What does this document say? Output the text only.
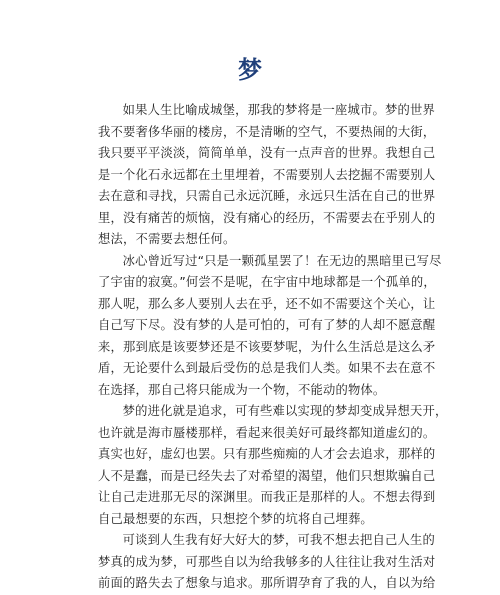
梦

如果人生比喻成城堡，那我的梦将是一座城市。梦的世界
我不要奢侈华丽的楼房，不是清晰的空气，不要热闹的大街，
我只要平平淡淡，简简单单，没有一点声音的世界。我想自己
是一个化石永远都在土里埋着，不需要别人去挖掘不需要别人
去在意和寻找，只需自己永远沉睡，永远只生活在自己的世界
里，没有痛苦的烦恼，没有痛心的经历，不需要去在乎别人的
想法，不需要去想任何。

冰心曾近写过“只是一颗孤星罢了！在无边的黑暗里已写尽
了宇宙的寂寞。”何尝不是呢，在宇宙中地球都是一个孤单的，
那人呢，那么多人要别人去在乎，还不如不需要这个关心，让
自己写下尽。没有梦的人是可怕的，可有了梦的人却不愿意醒
来，那到底是该要梦还是不该要梦呢，为什么生活总是这么矛
盾，无论要什么到最后受伤的总是我们人类。如果不去在意不
在选择，那自己将只能成为一个物，不能动的物体。

梦的进化就是追求，可有些难以实现的梦却变成异想天开，
也许就是海市蜃楼那样，看起来很美好可最终都知道虚幻的。
真实也好，虚幻也罢。只有那些痴痴的人才会去追求，那样的
人不是蠢，而是已经失去了对希望的渴望，他们只想欺骗自己
让自己走进那无尽的深渊里。而我正是那样的人。不想去得到
自己最想要的东西，只想挖个梦的坑将自己埋葬。

可谈到人生我有好大好大的梦，可我不想去把自己人生的
梦真的成为梦，可那些自以为给我够多的人往往让我对生活对
前面的路失去了想象与追求。那所谓孕育了我的人，自以为给
